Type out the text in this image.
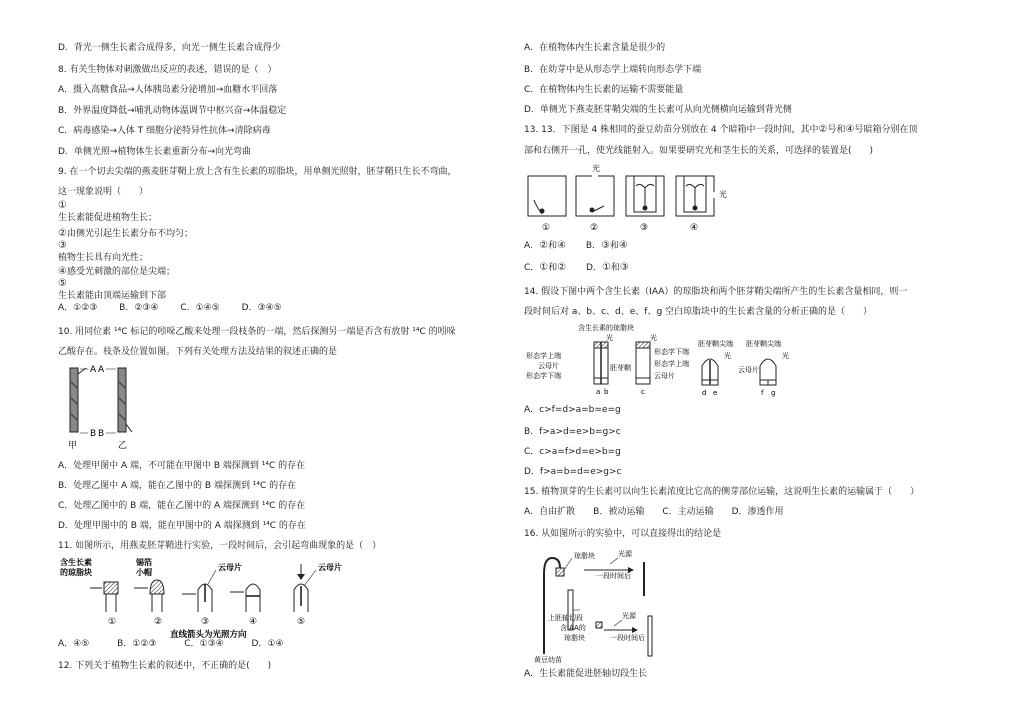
D．背光一侧生长素合成得多，向光一侧生长素合成得少
8. 有关生物体对刺激做出反应的表述，错误的是（　）
A．摄入高糖食品→人体胰岛素分泌增加→血糖水平回落
B．外界温度降低→哺乳动物体温调节中枢兴奋→体温稳定
C．病毒感染→人体 T 细胞分泌特异性抗体→清除病毒
D．单侧光照→植物体生长素重新分布→向光弯曲
9. 在一个切去尖端的燕麦胚芽鞘上放上含有生长素的琼脂块，用单侧光照射，胚芽鞘只生长不弯曲，
这一现象说明（　　）
①
生长素能促进植物生长；
②由侧光引起生长素分布不均匀；
③
植物生长具有向光性；
④感受光刺激的部位是尖端；
⑤
生长素能由顶端运输到下部
A．①②③ B．②③④ C．①④⑤ D．③④⑤
10. 用同位素 ¹⁴C 标记的吲哚乙酸来处理一段枝条的一端，然后探测另一端是否含有放射 ¹⁴C 的吲哚
乙酸存在。枝条及位置如图。下列有关处理方法及结果的叙述正确的是
A A
B B
甲	乙
A．处理甲图中 A 端，不可能在甲图中 B 端探测到 ¹⁴C 的存在
B．处理乙图中 A 端，能在乙图中的 B 端探测到 ¹⁴C 的存在
C．处理乙图中的 B 端，能在乙图中的 A 端探测到 ¹⁴C 的存在
D．处理甲图中的 B 端，能在甲图中的 A 端探测到 ¹⁴C 的存在
11. 如图所示，用燕麦胚芽鞘进行实验，一段时间后，会引起弯曲现象的是（　）
含生长素
的琼脂块
锡箔
小帽
云母片	云母片
①	②	③	④	⑤
直线箭头为光照方向
A．④⑤	B．①②③	C．①③④	D．①④
12. 下列关于植物生长素的叙述中，不正确的是(　　)
A．在植物体内生长素含量是很少的
B．在幼芽中是从形态学上端转向形态学下端
C．在植物体内生长素的运输不需要能量
D．单侧光下燕麦胚芽鞘尖端的生长素可从向光侧横向运输到背光侧
13. 13．下图是 4 株相同的蚕豆幼苗分别放在 4 个暗箱中一段时间，其中②号和④号暗箱分别在顶
部和右侧开一孔，使光线能射入。如果要研究光和茎生长的关系，可选择的装置是(　　)
光
光
①	②	③	④
A．②和④ B．③和④
C．①和② D．①和③
14. 假设下图中两个含生长素（IAA）的琼脂块和两个胚芽鞘尖端所产生的生长素含量相同，则一
段时间后对 a、b、c、d、e、f、g 空白琼脂块中的生长素含量的分析正确的是（　　）
含生长素的琼脂块
光	光
形态学上端
云母片
形态学下端
胚芽鞘
a b
形态学下端
形态学上端
云母片
c
胚芽鞘尖端 胚芽鞘尖端
光	光
云母片
d e	f g
A．c>f=d>a=b=e=g
B．f>a>d=e>b=g>c
C．c>a=f>d=e>b=g
D．f>a=b=d=e>g>c
15. 植物顶芽的生长素可以向生长素浓度比它高的侧芽部位运输，这说明生长素的运输属于（　　）
A．自由扩散　　B．被动运输　　C．主动运输　　D．渗透作用
16. 从如图所示的实验中，可以直接得出的结论是
琼脂块	光源
一段时间后
上胚轴切段
含IAA的
琼脂块
光源
一段时间后
黄豆幼苗
A．生长素能促进胚轴切段生长
